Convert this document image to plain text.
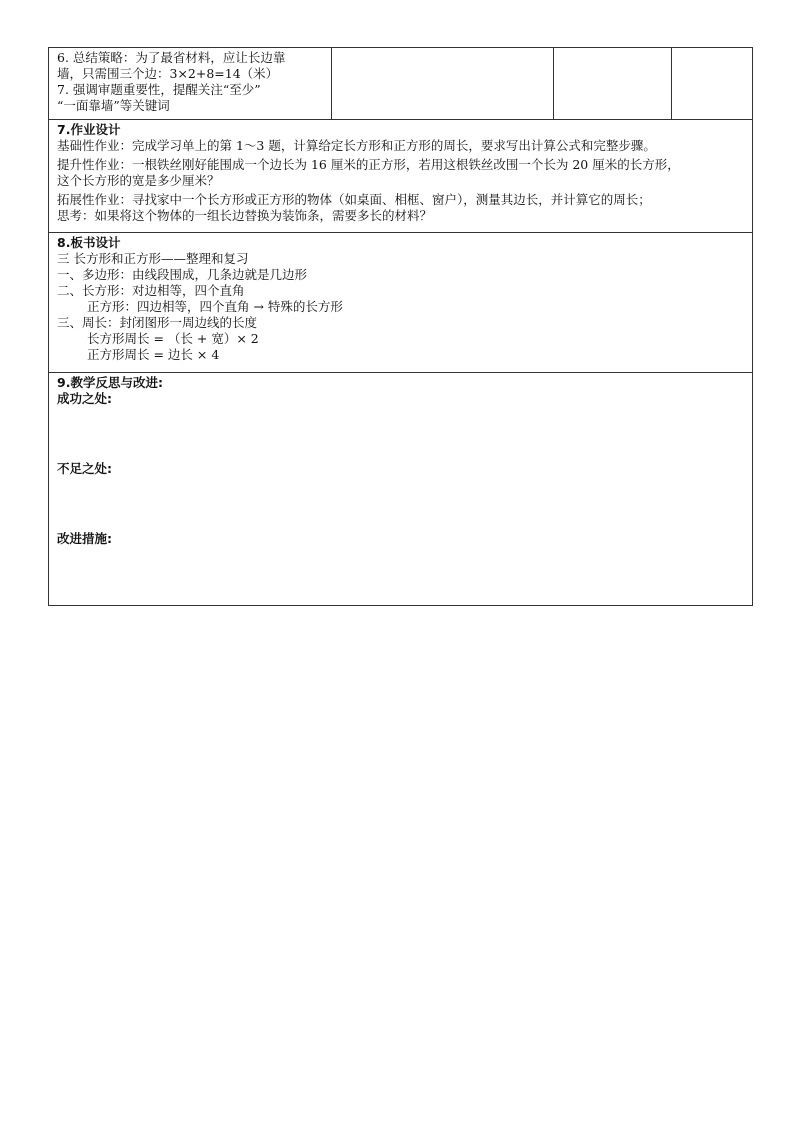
6. 总结策略：为了最省材料，应让长边靠
墙，只需围三个边：3×2+8=14（米）
7. 强调审题重要性，提醒关注“至少”
“一面靠墙”等关键词

7.作业设计
基础性作业：完成学习单上的第 1～3 题，计算给定长方形和正方形的周长，要求写出计算公式和完整步骤。
提升性作业：一根铁丝刚好能围成一个边长为 16 厘米的正方形，若用这根铁丝改围一个长为 20 厘米的长方形，
这个长方形的宽是多少厘米？
拓展性作业：寻找家中一个长方形或正方形的物体（如桌面、相框、窗户），测量其边长，并计算它的周长；
思考：如果将这个物体的一组长边替换为装饰条，需要多长的材料？

8.板书设计
三 长方形和正方形——整理和复习
一、多边形：由线段围成，几条边就是几边形
二、长方形：对边相等，四个直角
正方形：四边相等，四个直角 → 特殊的长方形
三、周长：封闭图形一周边线的长度
长方形周长 = （长 + 宽）× 2
正方形周长 = 边长 × 4

9.教学反思与改进:
成功之处:
不足之处:
改进措施:
